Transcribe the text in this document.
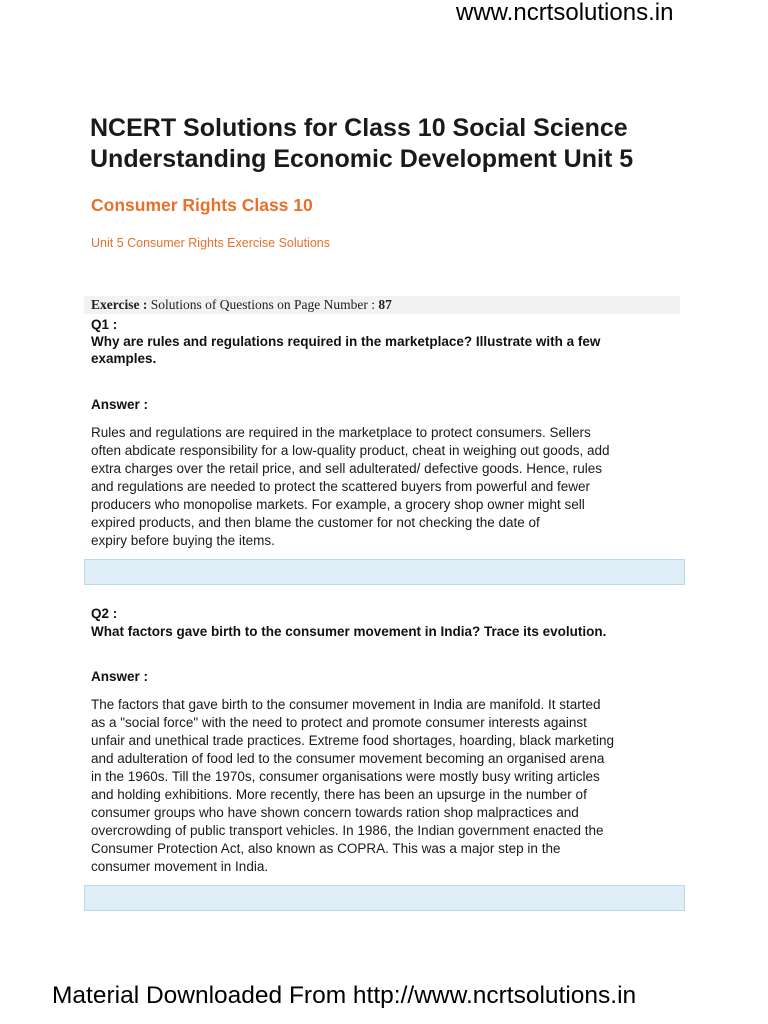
www.ncrtsolutions.in
NCERT Solutions for Class 10 Social Science
Understanding Economic Development Unit 5
Consumer Rights Class 10
Unit 5 Consumer Rights Exercise Solutions
Exercise : Solutions of Questions on Page Number : 87
Q1 :
Why are rules and regulations required in the marketplace? Illustrate with a few
examples.
Answer :
Rules and regulations are required in the marketplace to protect consumers. Sellers
often abdicate responsibility for a low-quality product, cheat in weighing out goods, add
extra charges over the retail price, and sell adulterated/ defective goods. Hence, rules
and regulations are needed to protect the scattered buyers from powerful and fewer
producers who monopolise markets. For example, a grocery shop owner might sell
expired products, and then blame the customer for not checking the date of
expiry before buying the items.
Q2 :
What factors gave birth to the consumer movement in India? Trace its evolution.
Answer :
The factors that gave birth to the consumer movement in India are manifold. It started
as a "social force" with the need to protect and promote consumer interests against
unfair and unethical trade practices. Extreme food shortages, hoarding, black marketing
and adulteration of food led to the consumer movement becoming an organised arena
in the 1960s. Till the 1970s, consumer organisations were mostly busy writing articles
and holding exhibitions. More recently, there has been an upsurge in the number of
consumer groups who have shown concern towards ration shop malpractices and
overcrowding of public transport vehicles. In 1986, the Indian government enacted the
Consumer Protection Act, also known as COPRA. This was a major step in the
consumer movement in India.
Material Downloaded From http://www.ncrtsolutions.in
